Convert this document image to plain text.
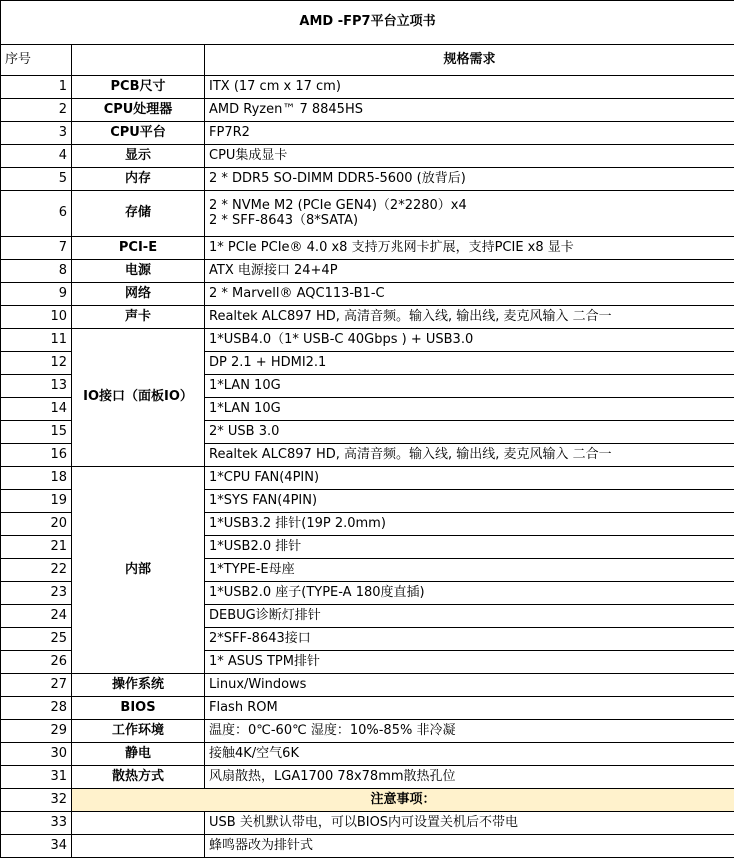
AMD -FP7平台立项书		
序号		规格需求
1	PCB尺寸	ITX (17 cm x 17 cm)
2	CPU处理器	AMD Ryzen™ 7 8845HS
3	CPU平台	FP7R2
4	显示	CPU集成显卡
5	内存	2 * DDR5 SO-DIMM DDR5-5600 (放背后)
6	存储	2 * NVMe M2 (PCIe GEN4)（2*2280）x4
2 * SFF-8643（8*SATA)

7	PCI-E	1* PCIe PCIe® 4.0 x8 支持万兆网卡扩展，支持PCIE x8 显卡
8	电源	ATX 电源接口 24+4P
9	网络	2 * Marvell® AQC113-B1-C
10	声卡	Realtek ALC897 HD, 高清音频。输入线, 输出线, 麦克风输入 二合一
11	IO接口（面板IO）	1*USB4.0（1* USB-C 40Gbps ) + USB3.0
12		DP 2.1 + HDMI2.1
13		1*LAN 10G
14		1*LAN 10G
15		2* USB 3.0
16		Realtek ALC897 HD, 高清音频。输入线, 输出线, 麦克风输入 二合一
18	内部	1*CPU FAN(4PIN)
19		1*SYS FAN(4PIN)
20		1*USB3.2 排针(19P 2.0mm)
21		1*USB2.0 排针
22		1*TYPE-E母座
23		1*USB2.0 座子(TYPE-A 180度直插)
24		DEBUG诊断灯排针
25		2*SFF-8643接口
26		1* ASUS TPM排针
27	操作系统	Linux/Windows
28	BIOS	Flash ROM
29	工作环境	温度：0℃-60℃ 湿度：10%-85% 非冷凝
30	静电	接触4K/空气6K
31	散热方式	风扇散热，LGA1700 78x78mm散热孔位
32	注意事项：	
33		USB 关机默认带电，可以BIOS内可设置关机后不带电
34		蜂鸣器改为排针式
